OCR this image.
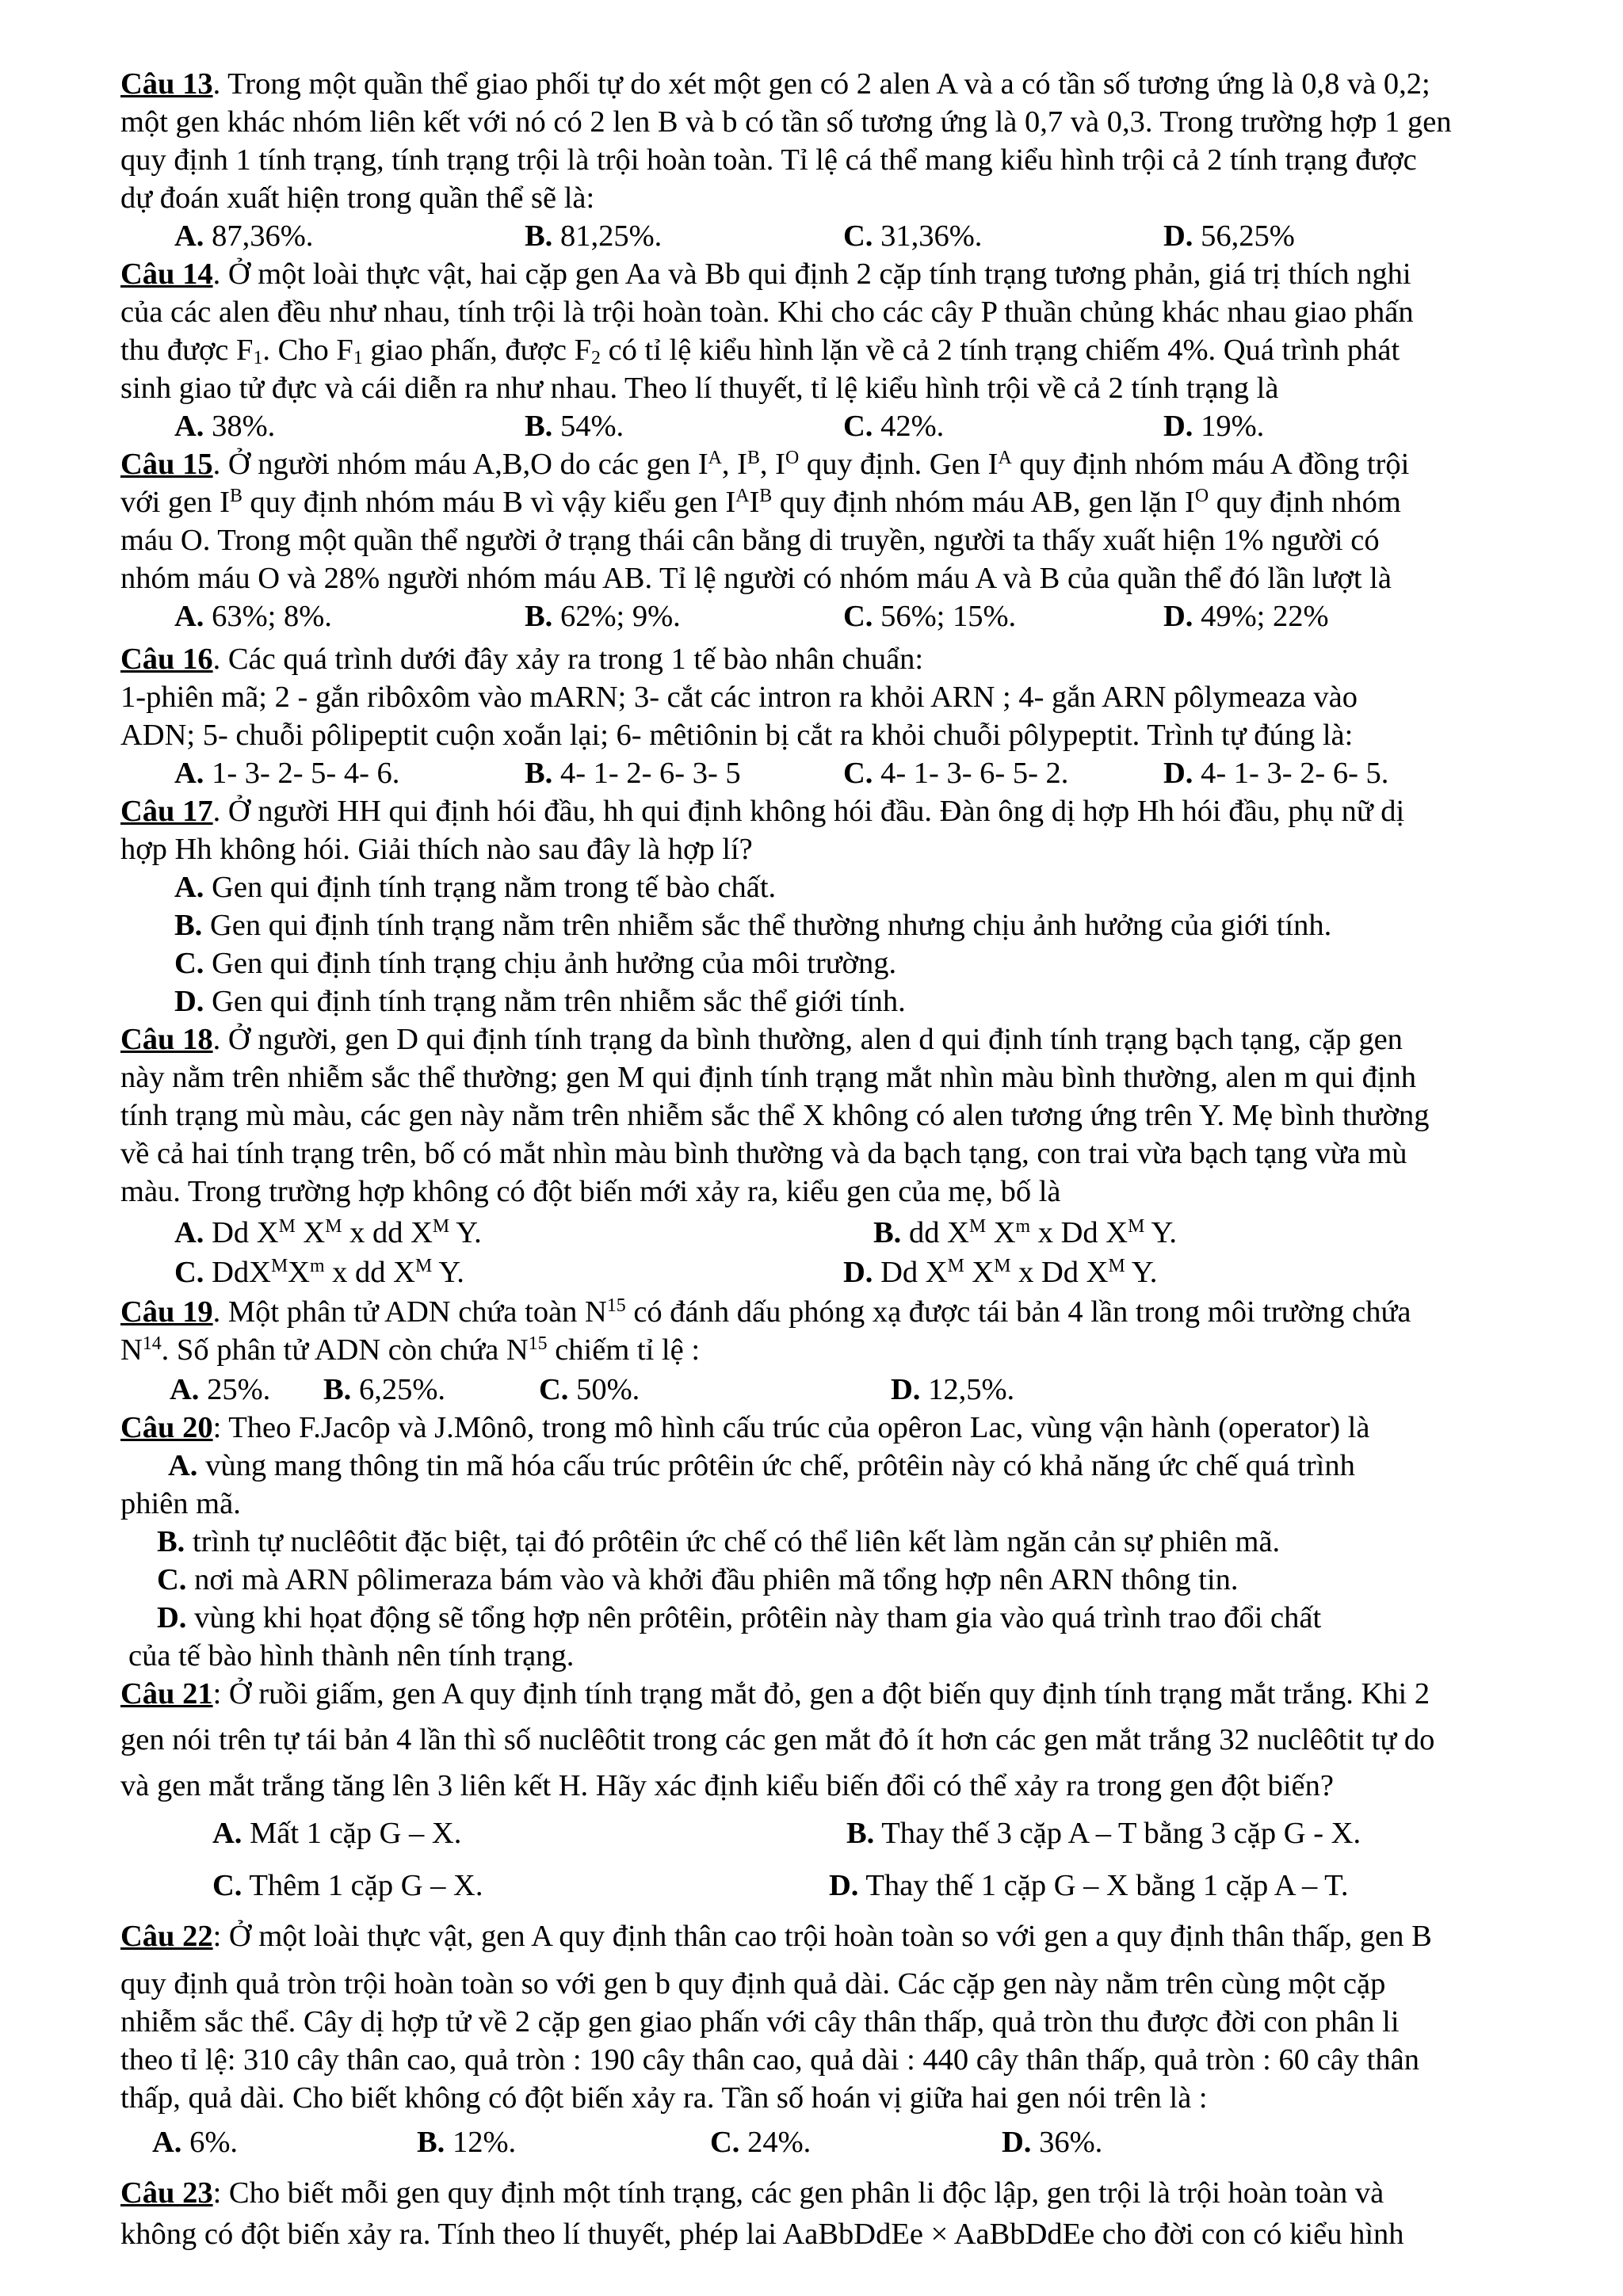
Câu 13. Trong một quần thể giao phối tự do xét một gen có 2 alen A và a có tần số tương ứng là 0,8 và 0,2;
một gen khác nhóm liên kết với nó có 2 len B và b có tần số tương ứng là 0,7 và 0,3. Trong trường hợp 1 gen
quy định 1 tính trạng, tính trạng trội là trội hoàn toàn. Tỉ lệ cá thể mang kiểu hình trội cả 2 tính trạng được
dự đoán xuất hiện trong quần thể sẽ là:
A. 87,36%.	B. 81,25%.	C. 31,36%.	D. 56,25%
Câu 14. Ở một loài thực vật, hai cặp gen Aa và Bb qui định 2 cặp tính trạng tương phản, giá trị thích nghi
của các alen đều như nhau, tính trội là trội hoàn toàn. Khi cho các cây P thuần chủng khác nhau giao phấn
thu được $F_1$. Cho $F_1$ giao phấn, được $F_2$ có tỉ lệ kiểu hình lặn về cả 2 tính trạng chiếm 4%. Quá trình phát
sinh giao tử đực và cái diễn ra như nhau. Theo lí thuyết, tỉ lệ kiểu hình trội về cả 2 tính trạng là
A. 38%.	B. 54%.	C. 42%.	D. 19%.
Câu 15. Ở người nhóm máu A,B,O do các gen $I^A$, $I^B$, $I^O$ quy định. Gen $I^A$ quy định nhóm máu A đồng trội
với gen $I^B$ quy định nhóm máu B vì vậy kiểu gen $I^AI^B$ quy định nhóm máu AB, gen lặn $I^O$ quy định nhóm
máu O. Trong một quần thể người ở trạng thái cân bằng di truyền, người ta thấy xuất hiện 1% người có
nhóm máu O và 28% người nhóm máu AB. Tỉ lệ người có nhóm máu A và B của quần thể đó lần lượt là
A. 63%; 8%.	B. 62%; 9%.	C. 56%; 15%.	D. 49%; 22%
Câu 16. Các quá trình dưới đây xảy ra trong 1 tế bào nhân chuẩn:
1-phiên mã; 2 - gắn ribôxôm vào mARN; 3- cắt các intron ra khỏi ARN ; 4- gắn ARN pôlymeaza vào
ADN; 5- chuỗi pôlipeptit cuộn xoắn lại; 6- mêtiônin bị cắt ra khỏi chuỗi pôlypeptit. Trình tự đúng là:
A. 1- 3- 2- 5- 4- 6.	B. 4- 1- 2- 6- 3- 5	C. 4- 1- 3- 6- 5- 2.	D. 4- 1- 3- 2- 6- 5.
Câu 17. Ở người HH qui định hói đầu, hh qui định không hói đầu. Đàn ông dị hợp Hh hói đầu, phụ nữ dị
hợp Hh không hói. Giải thích nào sau đây là hợp lí?
A. Gen qui định tính trạng nằm trong tế bào chất.
B. Gen qui định tính trạng nằm trên nhiễm sắc thể thường nhưng chịu ảnh hưởng của giới tính.
C. Gen qui định tính trạng chịu ảnh hưởng của môi trường.
D. Gen qui định tính trạng nằm trên nhiễm sắc thể giới tính.
Câu 18. Ở người, gen D qui định tính trạng da bình thường, alen d qui định tính trạng bạch tạng, cặp gen
này nằm trên nhiễm sắc thể thường; gen M qui định tính trạng mắt nhìn màu bình thường, alen m qui định
tính trạng mù màu, các gen này nằm trên nhiễm sắc thể X không có alen tương ứng trên Y. Mẹ bình thường
về cả hai tính trạng trên, bố có mắt nhìn màu bình thường và da bạch tạng, con trai vừa bạch tạng vừa mù
màu. Trong trường hợp không có đột biến mới xảy ra, kiểu gen của mẹ, bố là
A. Dd $X^M$ $X^M$ x dd $X^M$ Y.	B. dd $X^M$ $X^m$ x Dd $X^M$ Y.
C. $DdX^MX^m$ x dd $X^M$ Y.	D. Dd $X^M$ $X^M$ x Dd $X^M$ Y.
Câu 19. Một phân tử ADN chứa toàn $N^{15}$ có đánh dấu phóng xạ được tái bản 4 lần trong môi trường chứa
$N^{14}$. Số phân tử ADN còn chứa $N^{15}$ chiếm tỉ lệ :
A. 25%. B. 6,25%.	C. 50%.	D. 12,5%.
Câu 20: Theo F.Jacôp và J.Mônô, trong mô hình cấu trúc của opêron Lac, vùng vận hành (operator) là
A. vùng mang thông tin mã hóa cấu trúc prôtêin ức chế, prôtêin này có khả năng ức chế quá trình
phiên mã.
B. trình tự nuclêôtit đặc biệt, tại đó prôtêin ức chế có thể liên kết làm ngăn cản sự phiên mã.
C. nơi mà ARN pôlimeraza bám vào và khởi đầu phiên mã tổng hợp nên ARN thông tin.
D. vùng khi họat động sẽ tổng hợp nên prôtêin, prôtêin này tham gia vào quá trình trao đổi chất
của tế bào hình thành nên tính trạng.
Câu 21: Ở ruồi giấm, gen A quy định tính trạng mắt đỏ, gen a đột biến quy định tính trạng mắt trắng. Khi 2
gen nói trên tự tái bản 4 lần thì số nuclêôtit trong các gen mắt đỏ ít hơn các gen mắt trắng 32 nuclêôtit tự do
và gen mắt trắng tăng lên 3 liên kết H. Hãy xác định kiểu biến đổi có thể xảy ra trong gen đột biến?
A. Mất 1 cặp G – X.	B. Thay thế 3 cặp A – T bằng 3 cặp G - X.
C. Thêm 1 cặp G – X.	D. Thay thế 1 cặp G – X bằng 1 cặp A – T.
Câu 22: Ở một loài thực vật, gen A quy định thân cao trội hoàn toàn so với gen a quy định thân thấp, gen B
quy định quả tròn trội hoàn toàn so với gen b quy định quả dài. Các cặp gen này nằm trên cùng một cặp
nhiễm sắc thể. Cây dị hợp tử về 2 cặp gen giao phấn với cây thân thấp, quả tròn thu được đời con phân li
theo tỉ lệ: 310 cây thân cao, quả tròn : 190 cây thân cao, quả dài : 440 cây thân thấp, quả tròn : 60 cây thân
thấp, quả dài. Cho biết không có đột biến xảy ra. Tần số hoán vị giữa hai gen nói trên là :
A. 6%.	B. 12%.	C. 24%.	D. 36%.
Câu 23: Cho biết mỗi gen quy định một tính trạng, các gen phân li độc lập, gen trội là trội hoàn toàn và
không có đột biến xảy ra. Tính theo lí thuyết, phép lai AaBbDdEe × AaBbDdEe cho đời con có kiểu hình
